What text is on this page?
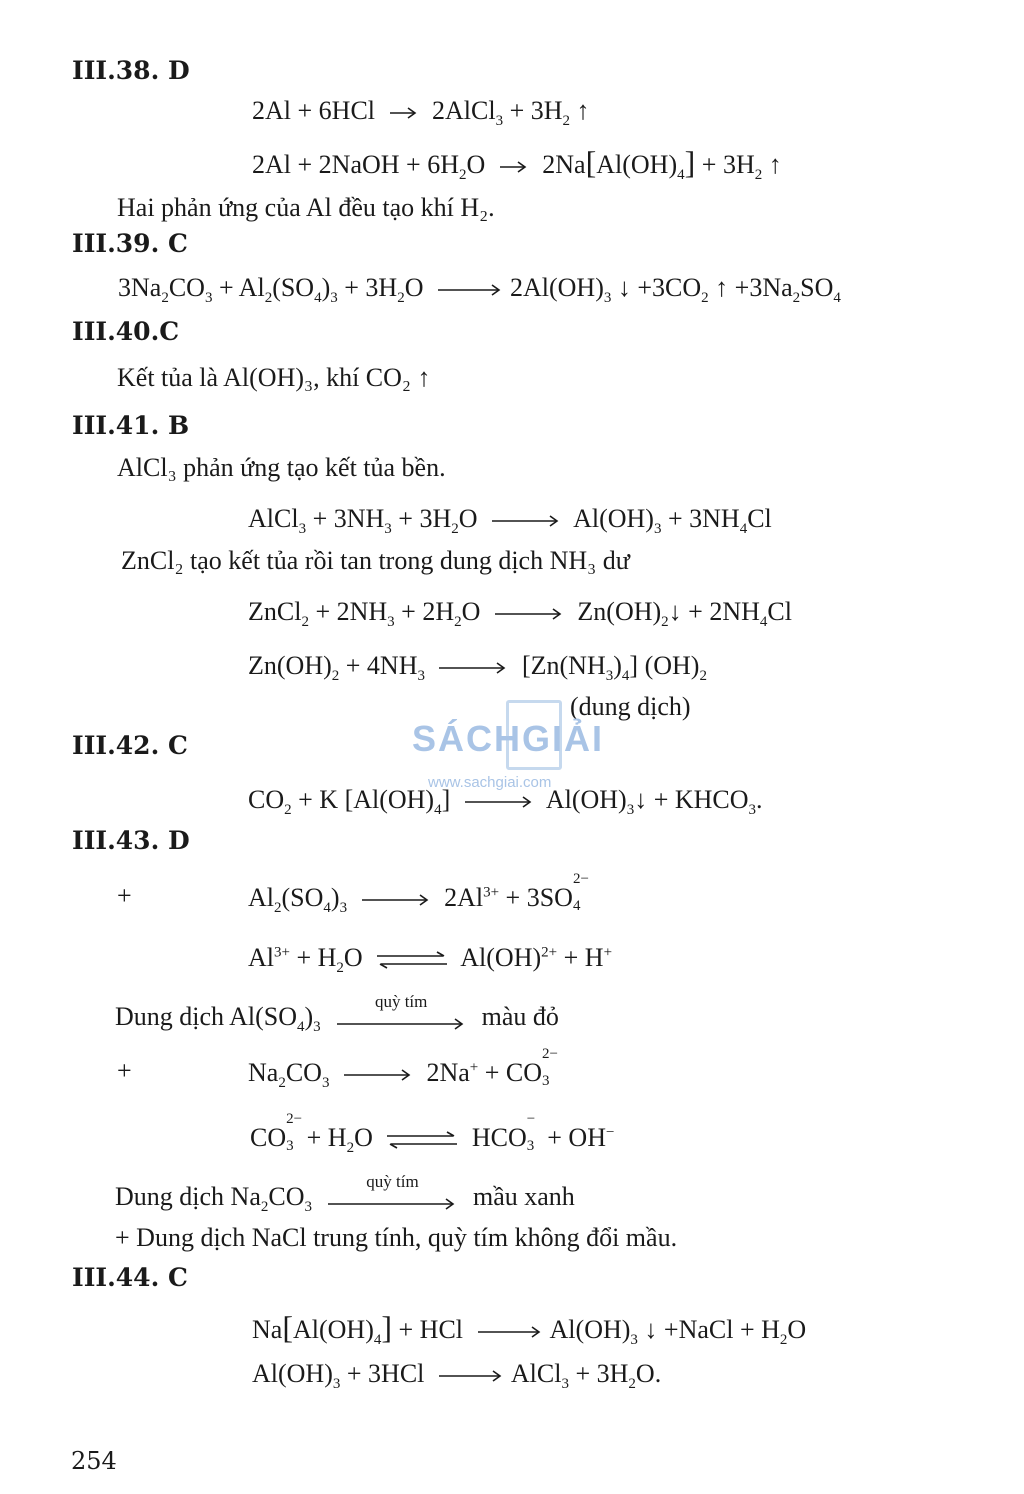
III.38. D
2Al + 6HCl  2AlCl$_3$ + $3H_2$ ↑
2Al + 2NaOH + $6H_2O$  $2Na[Al(OH)_4] + 3H_2$ ↑
Hai phản ứng của Al đều tạo khí H₂.
III.39. C
$3Na_2CO_3 + Al_2(SO_4)_3 + 3H_2O$	$2Al(OH)_3$ ↓ $+3CO_2$ ↑ $+3Na_2SO_4$
III.40.C
Kết tủa là Al(OH)₃, khí CO₂ ↑
III.41. B
AlCl₃ phản ứng tạo kết tủa bền.
AlCl$_3$ + $3NH_3 + 3H_2O$	$Al(OH)_3 + 3NH_4Cl$
ZnCl₂ tạo kết tủa rồi tan trong dung dịch NH₃ dư
ZnCl$_2$ + $2NH_3 + 2H_2O$	$Zn(OH)_2↓ + 2NH_4Cl$
$Zn(OH)_2 + 4NH_3$	$[Zn(NH_3)_4]$ $(OH)_2$
(dung dịch)
SÁCHGIẢI
www.sachgiai.com
III.42. C
$CO_2 + K$ $[Al(OH)_4]$	$Al(OH)_3↓$ + $KHCO_3$.
III.43. D
+	$Al_2(SO_4)_3$	$2Al^{3+} + 3SO$
2−
4
$Al^{3+} + H_2O$	Al(OH)$^{2+}$ + H+
Dung dịch $Al(SO_4)_3$
quỳ tím
màu đỏ
+	$Na_2CO_3$	2Na+ + CO
2−
3
CO
2−
$3 + H_2O$	HCO
−
3 + OH−
Dung dịch $Na_2CO_3$
quỳ tím
mầu xanh
+ Dung dịch NaCl trung tính, quỳ tím không đổi mầu.
III.44. C
$Na[Al(OH)_4]$ + HCl	$Al(OH)_3$ ↓ +NaCl + $H_2O$
$Al(OH)_3 + 3HCl$	AlCl$_3$ + $3H_2O$.
254
